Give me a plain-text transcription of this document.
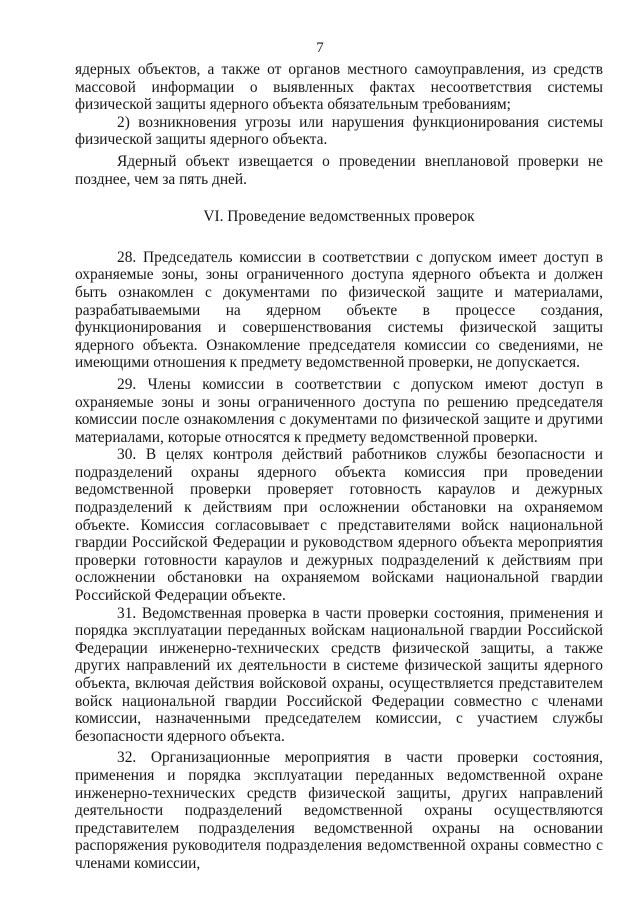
7

ядерных объектов, а также от органов местного самоуправления, из средств массовой информации о выявленных фактах несоответствия системы физической защиты ядерного объекта обязательным требованиям;

2) возникновения угрозы или нарушения функционирования системы физической защиты ядерного объекта.

Ядерный объект извещается о проведении внеплановой проверки не позднее, чем за пять дней.

VI. Проведение ведомственных проверок

28. Председатель комиссии в соответствии с допуском имеет доступ в охраняемые зоны, зоны ограниченного доступа ядерного объекта и должен быть ознакомлен с документами по физической защите и материалами, разрабатываемыми на ядерном объекте в процессе создания, функционирования и совершенствования системы физической защиты ядерного объекта. Ознакомление председателя комиссии со сведениями, не имеющими отношения к предмету ведомственной проверки, не допускается.

29. Члены комиссии в соответствии с допуском имеют доступ в охраняемые зоны и зоны ограниченного доступа по решению председателя комиссии после ознакомления с документами по физической защите и другими материалами, которые относятся к предмету ведомственной проверки.

30. В целях контроля действий работников службы безопасности и подразделений охраны ядерного объекта комиссия при проведении ведомственной проверки проверяет готовность караулов и дежурных подразделений к действиям при осложнении обстановки на охраняемом объекте. Комиссия согласовывает с представителями войск национальной гвардии Российской Федерации и руководством ядерного объекта мероприятия проверки готовности караулов и дежурных подразделений к действиям при осложнении обстановки на охраняемом войсками национальной гвардии Российской Федерации объекте.

31. Ведомственная проверка в части проверки состояния, применения и порядка эксплуатации переданных войскам национальной гвардии Российской Федерации инженерно-технических средств физической защиты, а также других направлений их деятельности в системе физической защиты ядерного объекта, включая действия войсковой охраны, осуществляется представителем войск национальной гвардии Российской Федерации совместно с членами комиссии, назначенными председателем комиссии, с участием службы безопасности ядерного объекта.

32. Организационные мероприятия в части проверки состояния, применения и порядка эксплуатации переданных ведомственной охране инженерно-технических средств физической защиты, других направлений деятельности подразделений ведомственной охраны осуществляются представителем подразделения ведомственной охраны на основании распоряжения руководителя подразделения ведомственной охраны совместно с членами комиссии,
